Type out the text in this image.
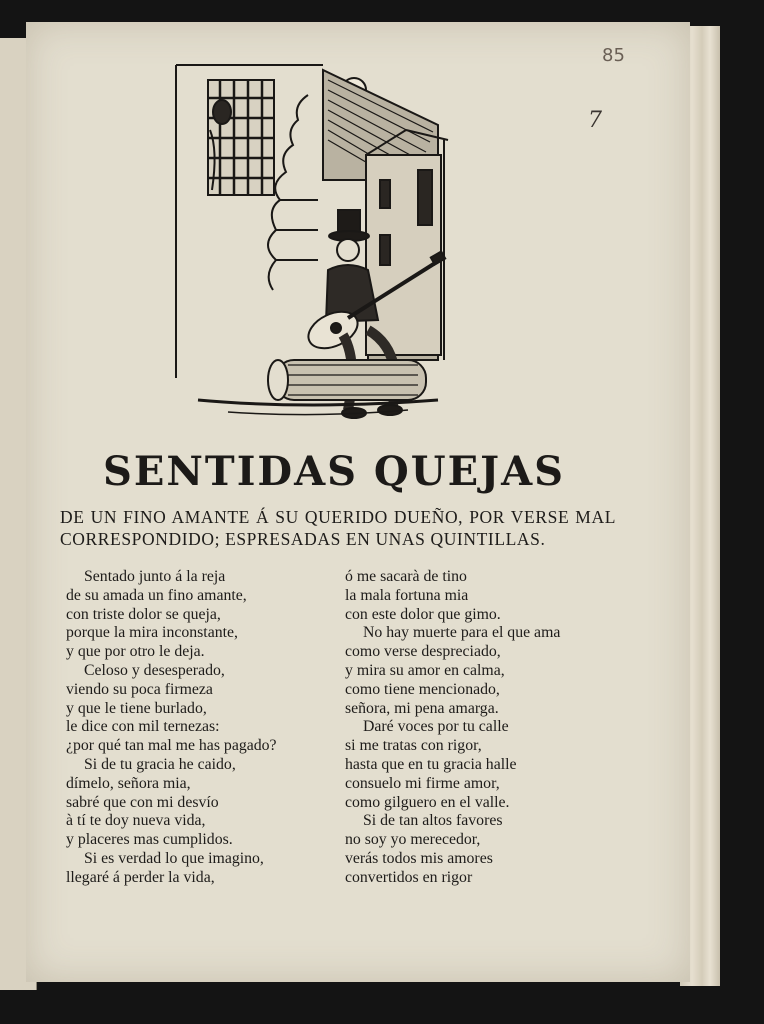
85
7
SENTIDAS QUEJAS
DE UN FINO AMANTE Á SU QUERIDO DUEÑO, POR VERSE MAL CORRESPONDIDO; ESPRESADAS EN UNAS QUINTILLAS.
Sentado junto á la reja
de su amada un fino amante,
con triste dolor se queja,
porque la mira inconstante,
y que por otro le deja.
Celoso y desesperado,
viendo su poca firmeza
y que le tiene burlado,
le dice con mil ternezas:
¿por qué tan mal me has pagado?
Si de tu gracia he caido,
dímelo, señora mia,
sabré que con mi desvío
à tí te doy nueva vida,
y placeres mas cumplidos.
Si es verdad lo que imagino,
llegaré á perder la vida,
ó me sacarà de tino
la mala fortuna mia
con este dolor que gimo.
No hay muerte para el que ama
como verse despreciado,
y mira su amor en calma,
como tiene mencionado,
señora, mi pena amarga.
Daré voces por tu calle
si me tratas con rigor,
hasta que en tu gracia halle
consuelo mi firme amor,
como gilguero en el valle.
Si de tan altos favores
no soy yo merecedor,
verás todos mis amores
convertidos en rigor
